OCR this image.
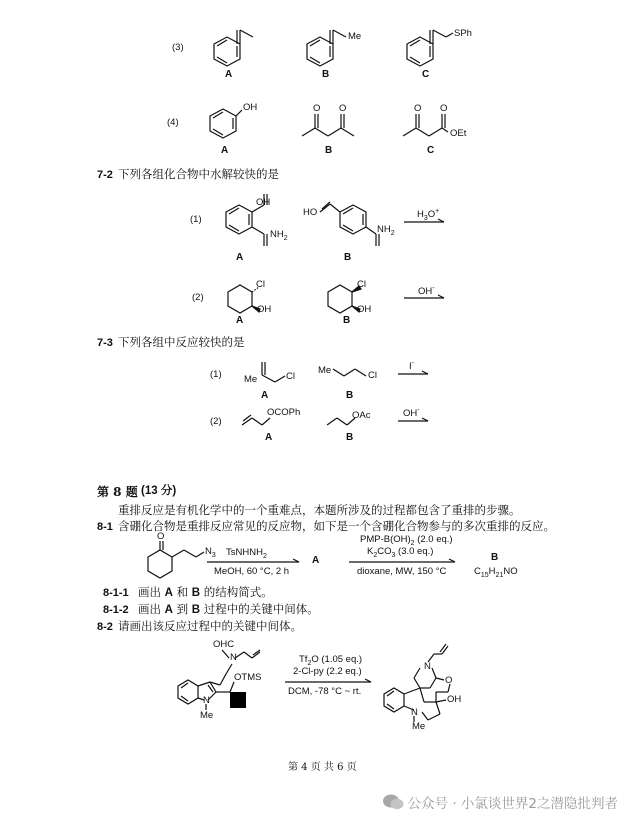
(3)
A
Me
B
SPh
C
(4)
OH
A
O O
B
O O
OEt
C
7-2 下列各组化合物中水解较快的是
(1)
OH
$NH_2$
A
HO
$NH_2$
B
$H_3O^+$
(2)
Cl
OH
A
Cl
OH
B
OH-
7-3 下列各组中反应较快的是
(1) Me	Cl
A
Me	Cl
B
I-
(2)
OCOPh
A
OAc
B
OH-
第 8 题 (13 分)
重排反应是有机化学中的一个重难点，本题所涉及的过程都包含了重排的步骤。
8-1 含硼化合物是重排反应常见的反应物，如下是一个含硼化合物参与的多次重排的反应。
O
$N_3$ TsNHNH$_2$
MeOH, 60 °C, 2 h
A
PMP-$B(OH)_2$ (2.0 eq.)
$K_2CO_3$ (3.0 eq.)
dioxane, MW, 150 °C
B
$C_{15}H_{21}NO$
8-1-1 画出 A 和 B 的结构简式。
8-1-2 画出 A 到 B 过程中的关键中间体。
8-2 请画出该反应过程中的关键中间体。
OHC
N
OTMS
N
Me
$Tf_2O$ (1.05 eq.)
2-Cl-py (2.2 eq.)
DCM, -78 °C ~ rt.
N
O
OH
N
Me
第 4 页 共 6 页
公众号 · 小氯谈世界2之潜隐批判者
